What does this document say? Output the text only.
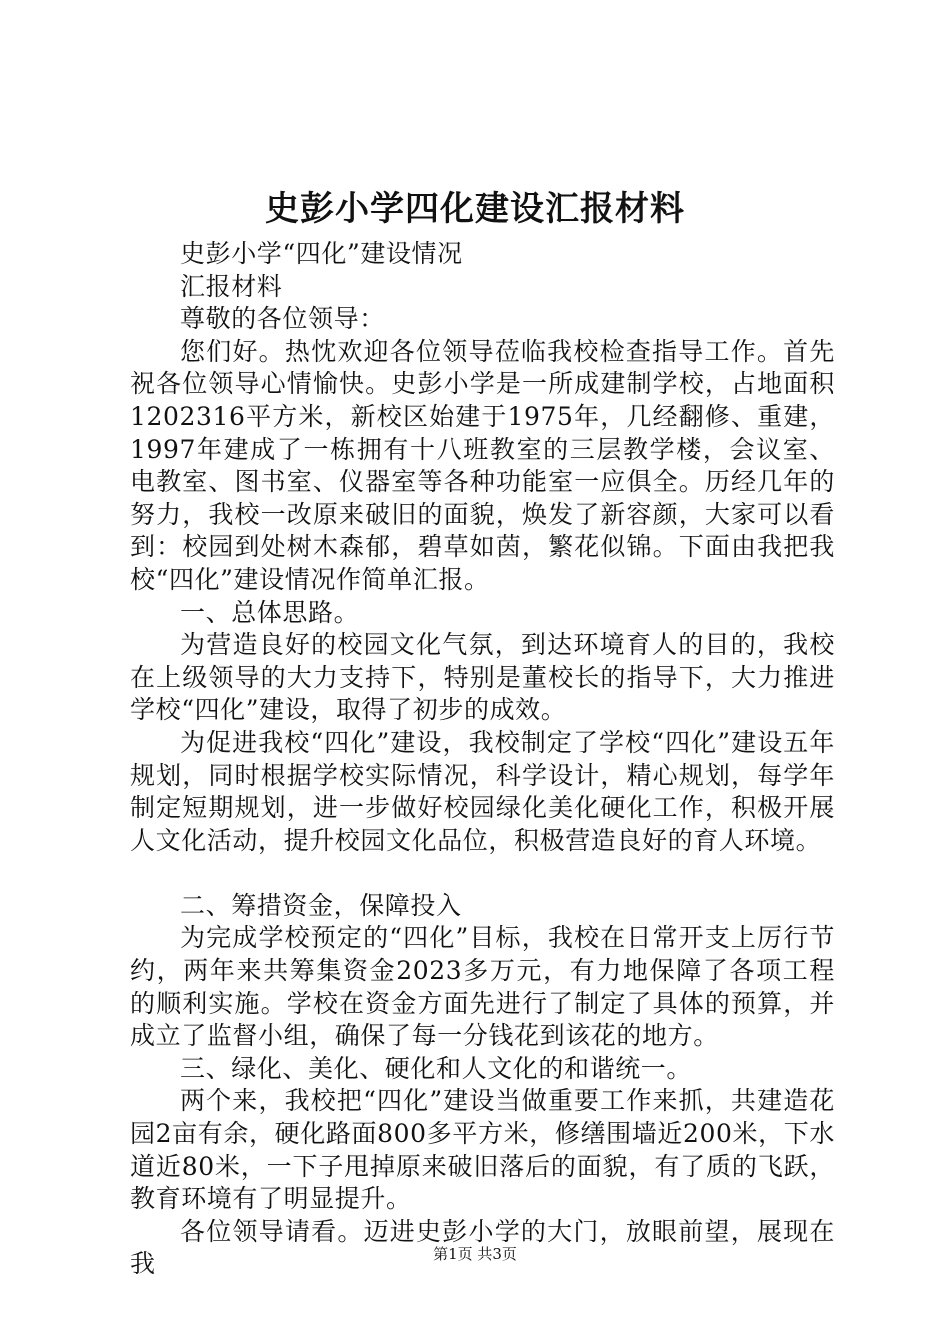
史彭小学四化建设汇报材料

史彭小学“四化”建设情况

汇报材料

尊敬的各位领导：

您们好。热忱欢迎各位领导莅临我校检查指导工作。首先祝各位领导心情愉快。史彭小学是一所成建制学校，占地面积1202316平方米，新校区始建于1975年，几经翻修、重建，1997年建成了一栋拥有十八班教室的三层教学楼，会议室、电教室、图书室、仪器室等各种功能室一应俱全。历经几年的努力，我校一改原来破旧的面貌，焕发了新容颜，大家可以看到：校园到处树木森郁，碧草如茵，繁花似锦。下面由我把我校“四化”建设情况作简单汇报。

一、总体思路。

为营造良好的校园文化气氛，到达环境育人的目的，我校在上级领导的大力支持下，特别是董校长的指导下，大力推进学校“四化”建设，取得了初步的成效。

为促进我校“四化”建设，我校制定了学校“四化”建设五年规划，同时根据学校实际情况，科学设计，精心规划，每学年制定短期规划，进一步做好校园绿化美化硬化工作，积极开展人文化活动，提升校园文化品位，积极营造良好的育人环境。

二、筹措资金，保障投入

为完成学校预定的“四化”目标，我校在日常开支上厉行节约，两年来共筹集资金2023多万元，有力地保障了各项工程的顺利实施。学校在资金方面先进行了制定了具体的预算，并成立了监督小组，确保了每一分钱花到该花的地方。

三、绿化、美化、硬化和人文化的和谐统一。

两个来，我校把“四化”建设当做重要工作来抓，共建造花园2亩有余，硬化路面800多平方米，修缮围墙近200米，下水道近80米，一下子甩掉原来破旧落后的面貌，有了质的飞跃，教育环境有了明显提升。

各位领导请看。迈进史彭小学的大门，放眼前望，展现在我	第1页 共3页
